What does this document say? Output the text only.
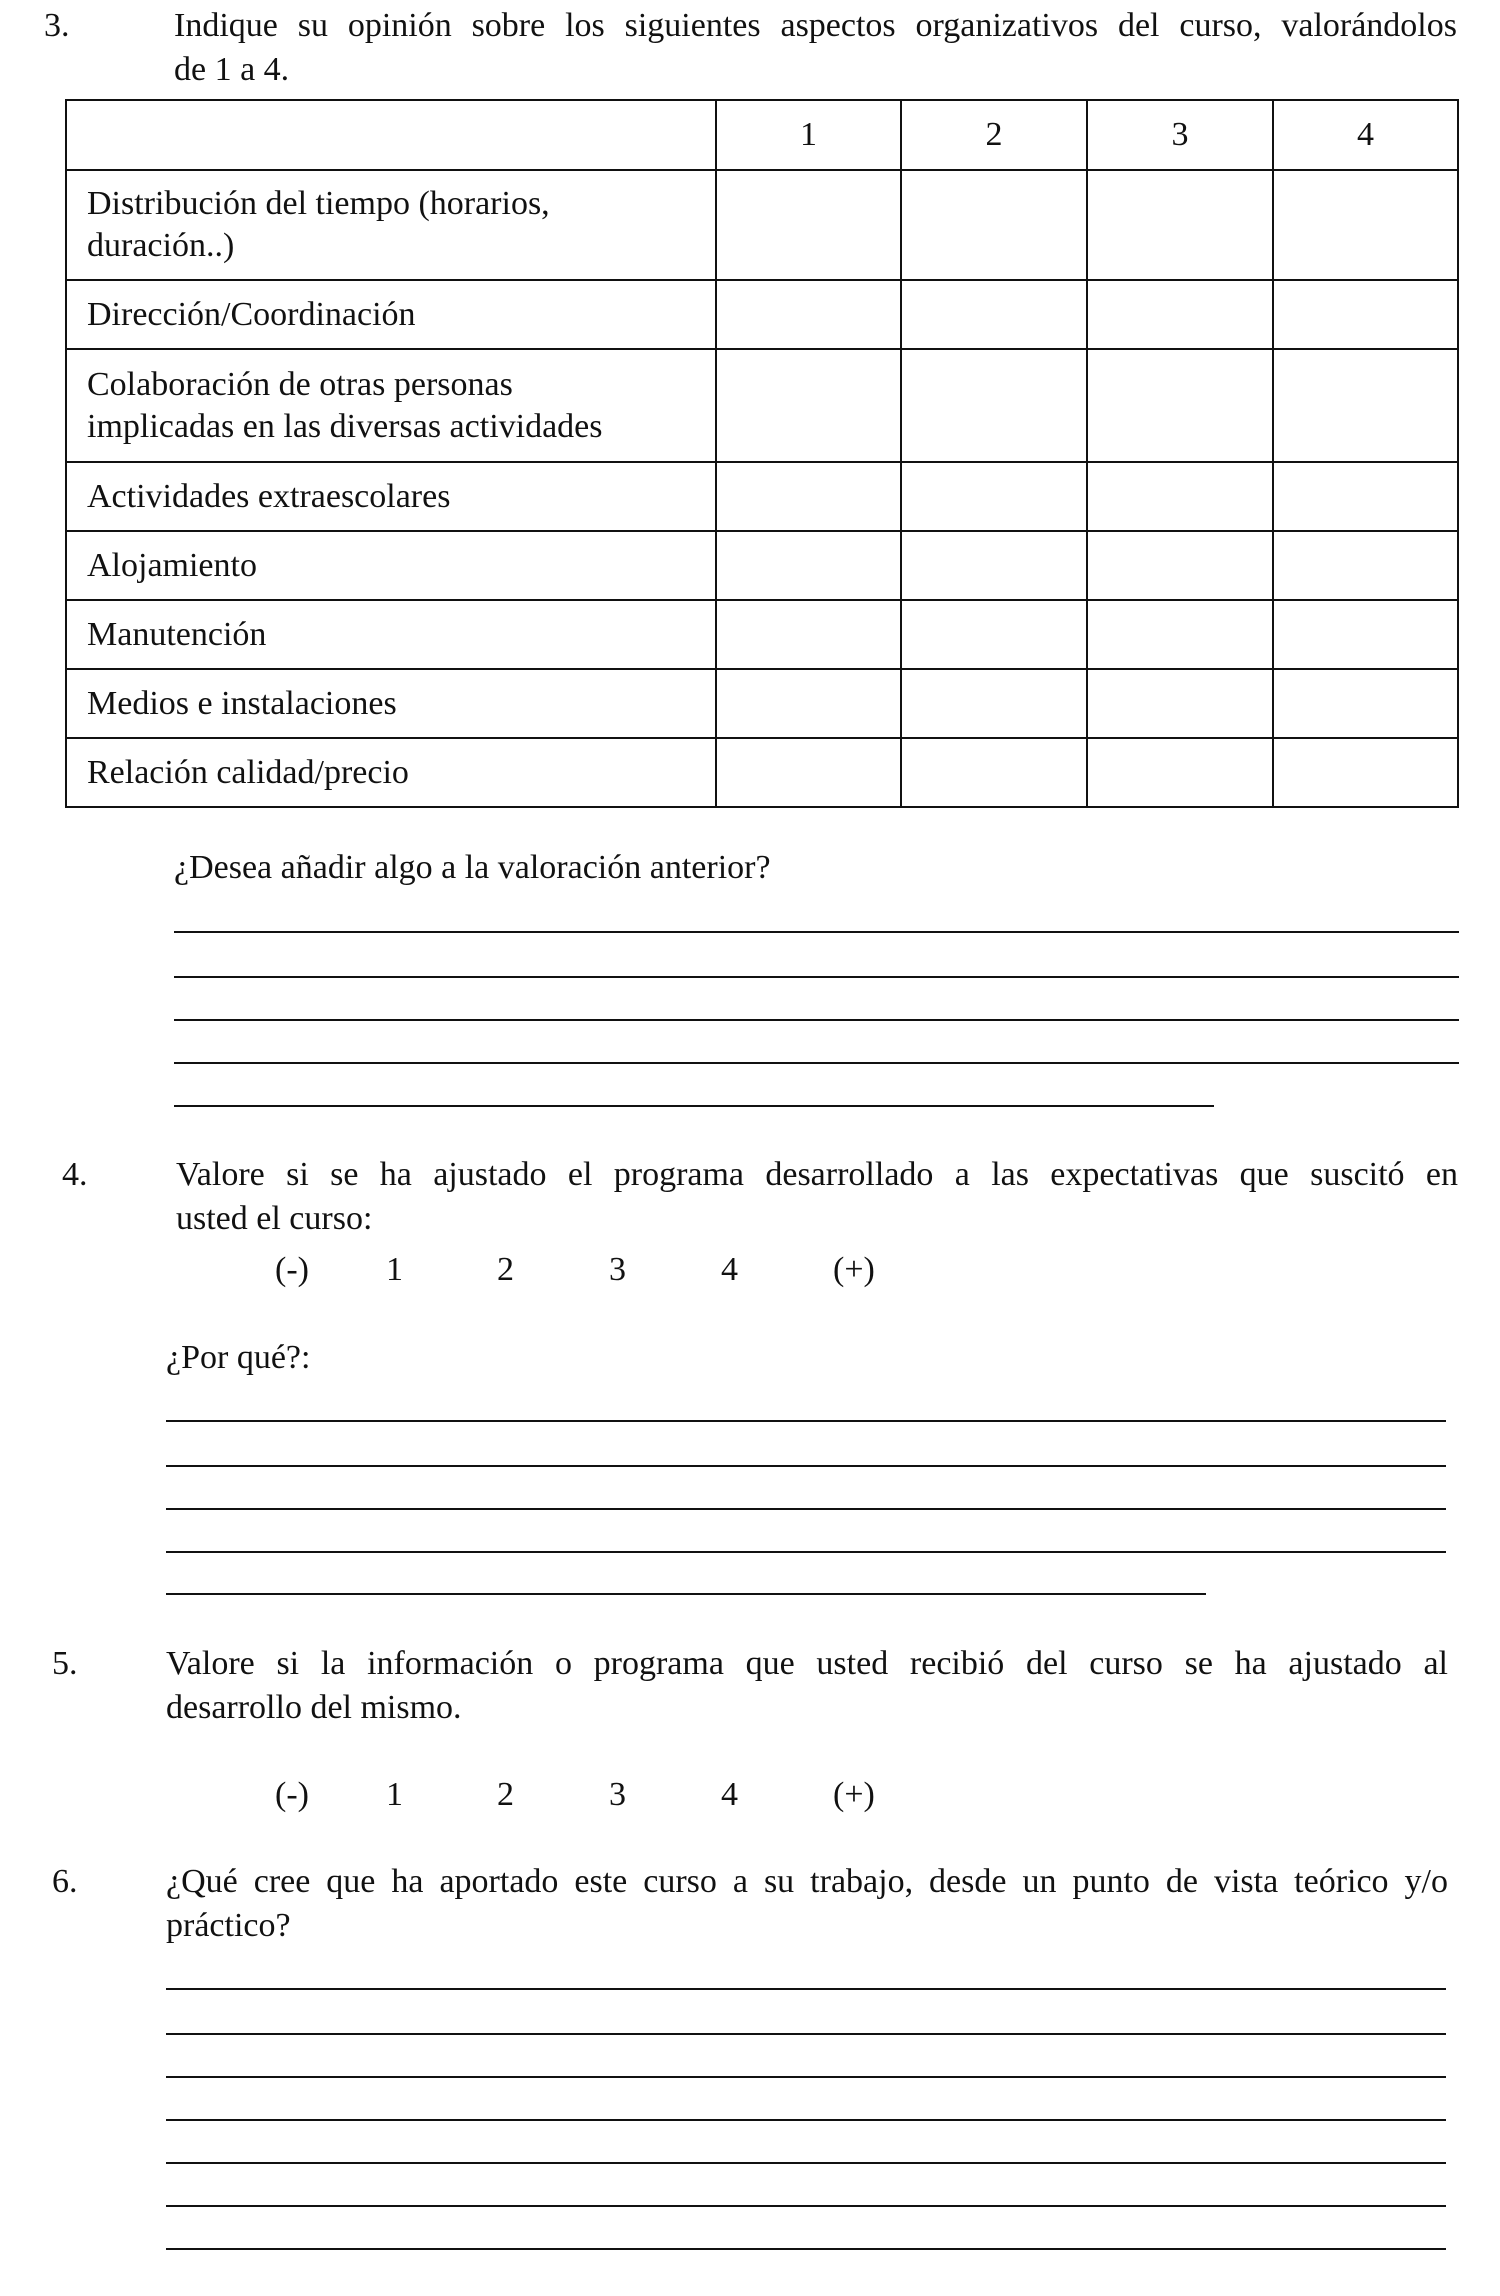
3.	Indique su opinión sobre los siguientes aspectos organizativos del curso, valorándolos
de 1 a 4.
	1	2	3	4

Distribución del tiempo (horarios,
duración..)				

Dirección/Coordinación				

Colaboración de otras personas
implicadas en las diversas actividades				

Actividades extraescolares				

Alojamiento				

Manutención				

Medios e instalaciones				

Relación calidad/precio				

¿Desea añadir algo a la valoración anterior?
4.	Valore si se ha ajustado el programa desarrollado a las expectativas que suscitó en
usted el curso:
(-) 1	2	3	4	(+)
¿Por qué?:
5.	Valore si la información o programa que usted recibió del curso se ha ajustado al
desarrollo del mismo.
(-) 1	2	3	4	(+)
6.	¿Qué cree que ha aportado este curso a su trabajo, desde un punto de vista teórico y/o
práctico?
